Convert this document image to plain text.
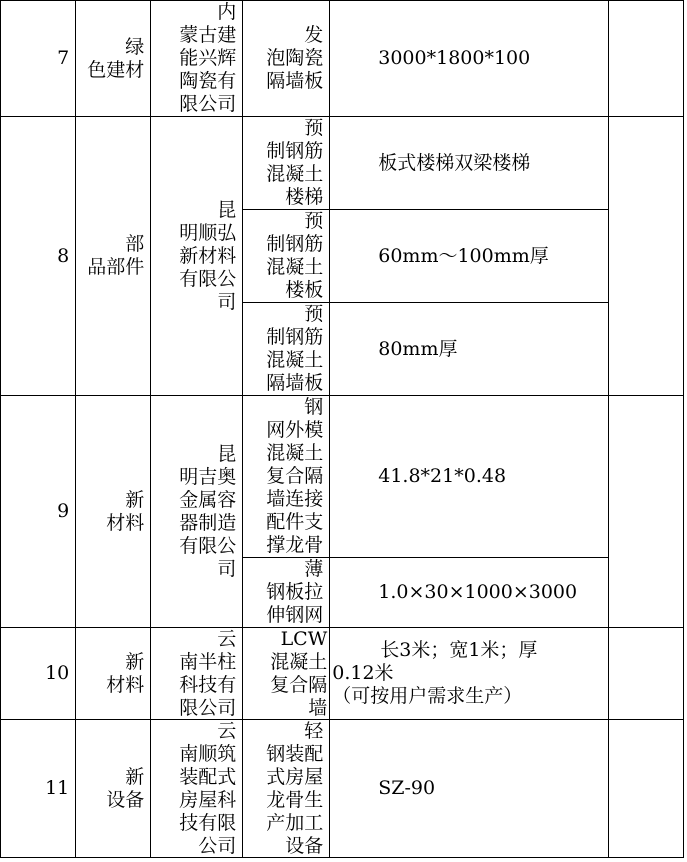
7
绿
色建材
内
蒙古建
能兴辉
陶瓷有
限公司
发
泡陶瓷
隔墙板
3000*1800*100
8
部
品部件
昆
明顺弘
新材料
有限公
司
预
制钢筋
混凝土
楼梯
板式楼梯双梁楼梯
预
制钢筋
混凝土
楼板
60mm～100mm厚
预
制钢筋
混凝土
隔墙板
80mm厚
9
新
材料
昆
明吉奥
金属容
器制造
有限公
司
钢
网外模
混凝土
复合隔
墙连接
配件支
撑龙骨
41.8*21*0.48
薄
钢板拉
伸钢网
1.0×30×1000×3000
10
新
材料
云
南半柱
科技有
限公司
LCW
混凝土
复合隔
墙
长3米；宽1米；厚
0.12米
（可按用户需求生产）
11
新
设备
云
南顺筑
装配式
房屋科
技有限
公司
轻
钢装配
式房屋
龙骨生
产加工
设备
SZ-90
